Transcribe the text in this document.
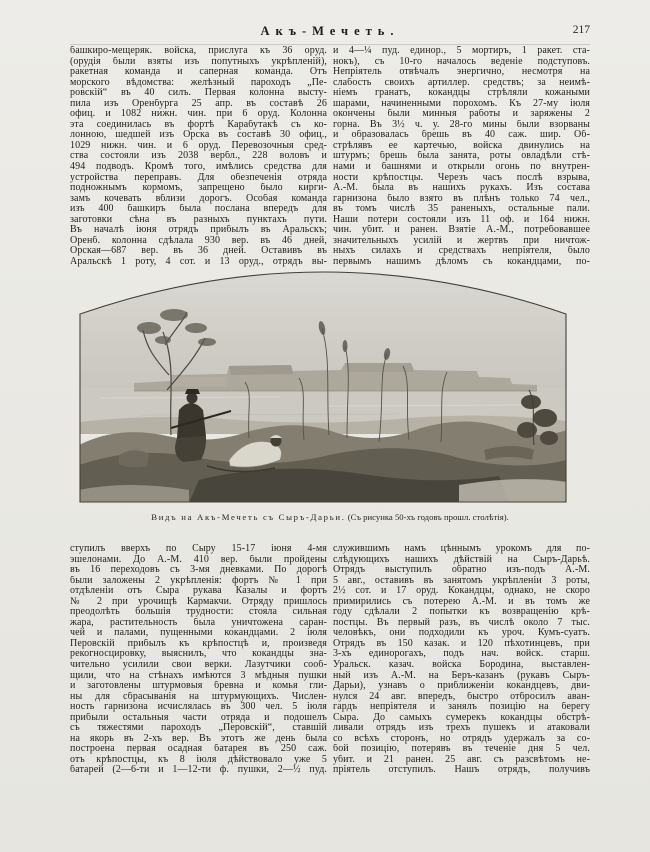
Акъ-Мечеть.	217
башкиро-мещеряк. войска, прислуга къ 36 оруд.
(орудія были взяты изъ попутныхъ укрѣпленій),
ракетная команда и саперная команда. Отъ
морского вѣдомства: желѣзный пароходъ „Пе-
ровскій“ въ 40 силъ. Первая колонна высту-
пила изъ Оренбурга 25 апр. въ составѣ 26
офиц. и 1082 нижн. чин. при 6 оруд. Колонна
эта соединилась въ фортѣ Карабутакѣ съ ко-
лонною, шедшей изъ Орска въ составѣ 30 офиц.,
1029 нижн. чин. и 6 оруд. Перевозочныя сред-
ства состояли изъ 2038 вербл., 228 воловъ и
494 подводъ. Кромѣ того, имѣлись средства для
устройства переправъ. Для обезпеченія отряда
подножнымъ кормомъ, запрещено было кирги-
замъ кочевать вблизи дорогъ. Особая команда
изъ 400 башкиръ была послана впередъ для
заготовки сѣна въ разныхъ пунктахъ пути.
Въ началѣ іюня отрядъ прибылъ въ Аральскъ;
Оренб. колонна сдѣлала 930 вер. въ 46 дней,
Орская—687 вер. въ 36 дней. Оставивъ въ
Аральскѣ 1 роту, 4 сот. и 13 оруд., отрядъ вы-
и 4—¼ пуд. единор., 5 мортиръ, 1 ракет. ста-
нокъ), съ 10-го началось веденіе подступовъ.
Непріятель отвѣчалъ энергично, несмотря на
слабость своихъ артиллер. средствъ; за неимѣ-
ніемъ гранатъ, кокандцы стрѣляли кожаными
шарами, начиненными порохомъ. Къ 27-му іюля
окончены были минныя работы и заряжены 2
горна. Въ 3½ ч. у. 28-го мины были взорваны
и образовалась брешь въ 40 саж. шир. Об-
стрѣлявъ ее картечью, войска двинулись на
штурмъ; брешь была занята, роты овладѣли стѣ-
нами и башнями и открыли огонь по внутрен-
ности крѣпостцы. Черезъ часъ послѣ взрыва,
А.-М. была въ нашихъ рукахъ. Изъ состава
гарнизона было взято въ плѣнъ только 74 чел.,
въ томъ числѣ 35 раненыхъ, остальные пали.
Наши потери состояли изъ 11 оф. и 164 нижн.
чин. убит. и ранен. Взятіе А.-М., потребовавшее
значительныхъ усилій и жертвъ при ничтож-
ныхъ силахъ и средствахъ непріятеля, было
первымъ нашимъ дѣломъ съ кокандцами, по-
Видъ на Акъ-Мечеть съ Сыръ-Дарьи. (Съ рисунка 50-хъ годовъ прошл. столѣтія).
ступилъ вверхъ по Сыру 15-17 іюня 4-мя
эшелонами. До А.-М. 410 вер. были пройдены
въ 16 переходовъ съ 3-мя дневками. По дорогѣ
были заложены 2 укрѣпленія: фортъ № 1 при
отдѣленіи отъ Сыра рукава Казалы и фортъ
№ 2 при урочищѣ Кармакчи. Отряду пришлось
преодолѣть большія трудности: стояла сильная
жара, растительность была уничтожена саран-
чей и палами, пущенными кокандцами. 2 іюля
Перовскій прибылъ къ крѣпостцѣ и, произведя
рекогносцировку, выяснилъ, что кокандцы зна-
чительно усилили свои верки. Лазутчики сооб-
щили, что на стѣнахъ имѣются 3 мѣдныя пушки
и заготовлены штурмовыя бревна и комья гли-
ны для сбрасыванія на штурмующихъ. Числен-
ность гарнизона исчислялась въ 300 чел. 5 іюля
прибыли остальныя части отряда и подошелъ
съ тяжестями пароходъ „Перовскій“, ставшій
на якорь въ 2-хъ вер. Въ этотъ же день была
построена первая осадная батарея въ 250 саж.
отъ крѣпостцы, къ 8 іюля дѣйствовало уже 5
батарей (2—6-ти и 1—12-ти ф. пушки, 2—½ пуд.
служившимъ намъ цѣннымъ урокомъ для по-
слѣдующихъ нашихъ дѣйствій на Сыръ-Дарьѣ.
Отрядъ выступилъ обратно изъ-подъ А.-М.
5 авг., оставивъ въ занятомъ укрѣпленіи 3 роты,
2½ сот. и 17 оруд. Кокандцы, однако, не скоро
примирились съ потерею А.-М. и въ томъ же
году сдѣлали 2 попытки къ возвращенію крѣ-
постцы. Въ первый разъ, въ числѣ около 7 тыс.
человѣкъ, они подходили къ уроч. Кумъ-суатъ.
Отрядъ въ 150 казак. и 120 пѣхотинцевъ, при
3-хъ единорогахъ, подъ нач. войск. старш.
Уральск. казач. войска Бородина, выставлен-
ный изъ А.-М. на Беръ-казанъ (рукавъ Сыръ-
Дарьи), узнавъ о приближеніи кокандцевъ, дви-
нулся 24 авг. впередъ, быстро отбросилъ аван-
гардъ непріятеля и занялъ позицію на берегу
Сыра. До самыхъ сумерекъ кокандцы обстрѣ-
ливали отрядъ изъ трехъ пушекъ и атаковали
со всѣхъ сторонъ, но отрядъ удержалъ за со-
бой позицію, потерявъ въ теченіе дня 5 чел.
убит. и 21 ранен. 25 авг. съ разсвѣтомъ не-
пріятель отступилъ. Нашъ отрядъ, получивъ
